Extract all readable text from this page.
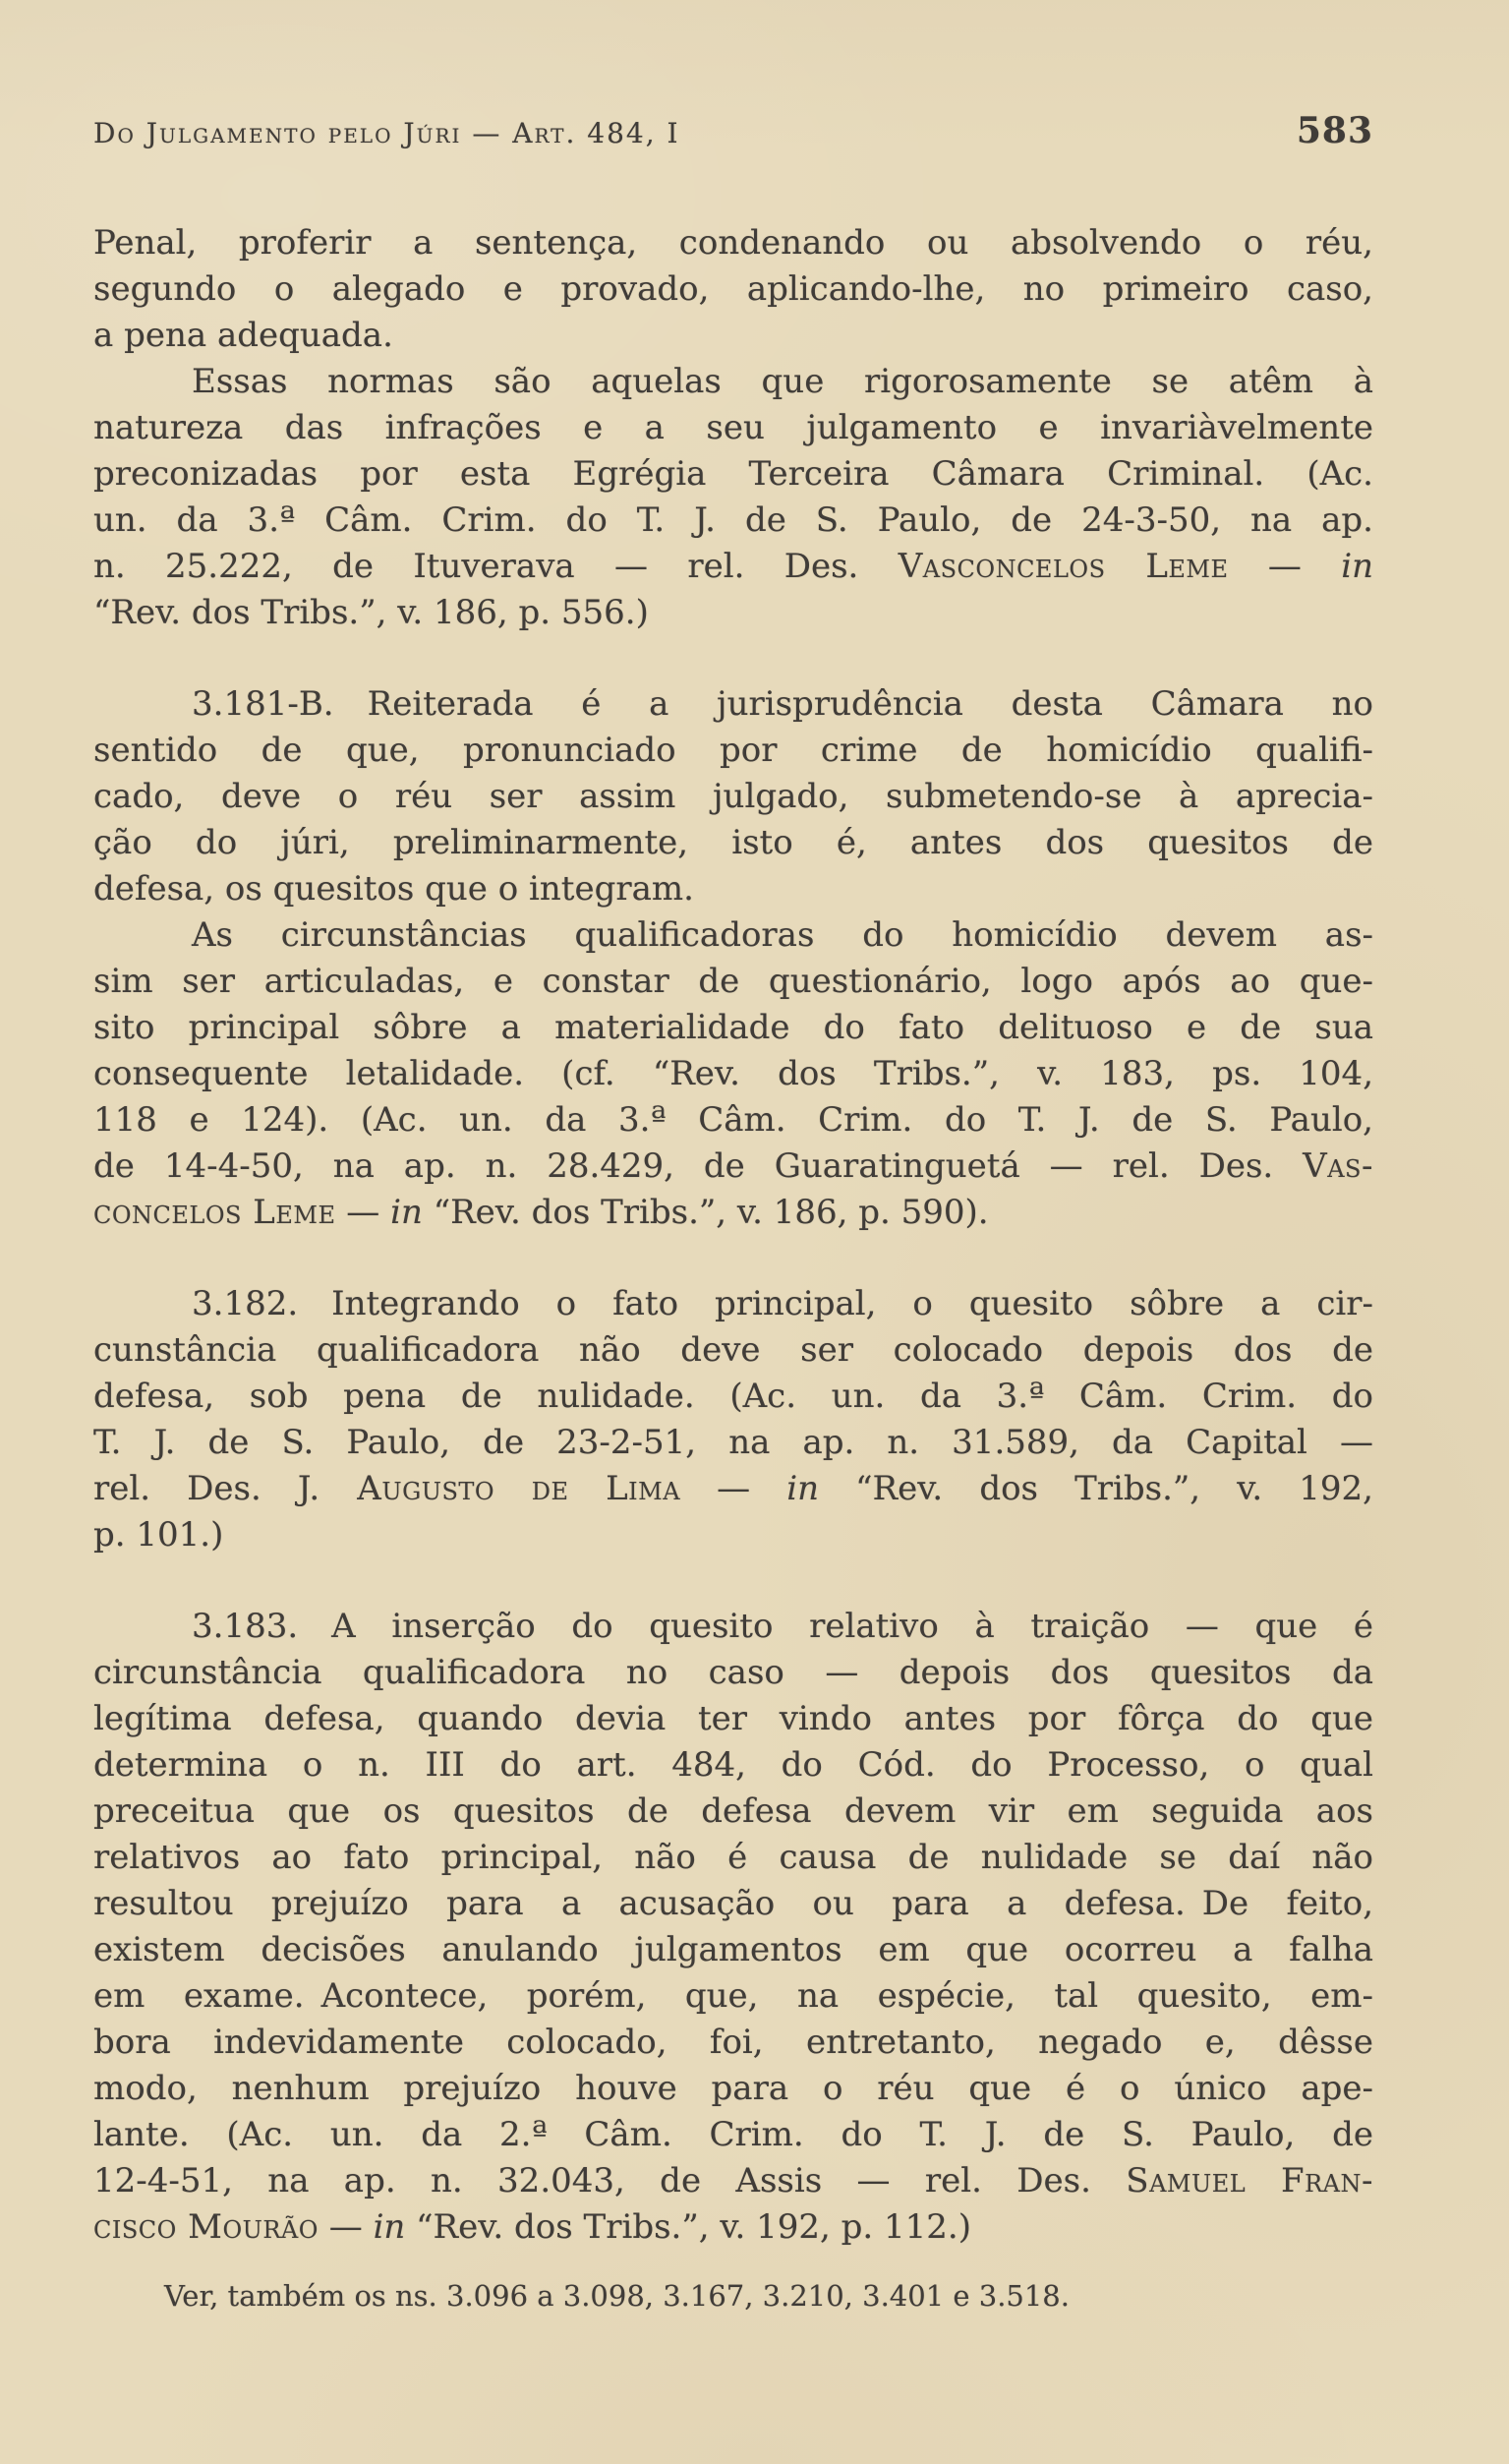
Do Julgamento pelo Júri — Art. 484, I	583
Penal, proferir a sentença, condenando ou absolvendo o réu,
segundo o alegado e provado, aplicando-lhe, no primeiro caso,
a pena adequada.
Essas normas são aquelas que rigorosamente se atêm à
natureza das infrações e a seu julgamento e invariàvelmente
preconizadas por esta Egrégia Terceira Câmara Criminal. (Ac.
un. da 3.ª Câm. Crim. do T. J. de S. Paulo, de 24-3-50, na ap.
n. 25.222, de Ituverava — rel. Des. Vasconcelos Leme — in
“Rev. dos Tribs.”, v. 186, p. 556.)
3.181-B. Reiterada é a jurisprudência desta Câmara no
sentido de que, pronunciado por crime de homicídio qualifi-
cado, deve o réu ser assim julgado, submetendo-se à aprecia-
ção do júri, preliminarmente, isto é, antes dos quesitos de
defesa, os quesitos que o integram.
As circunstâncias qualificadoras do homicídio devem as-
sim ser articuladas, e constar de questionário, logo após ao que-
sito principal sôbre a materialidade do fato delituoso e de sua
consequente letalidade. (cf. “Rev. dos Tribs.”, v. 183, ps. 104,
118 e 124). (Ac. un. da 3.ª Câm. Crim. do T. J. de S. Paulo,
de 14-4-50, na ap. n. 28.429, de Guaratinguetá — rel. Des. Vas-
concelos Leme — in “Rev. dos Tribs.”, v. 186, p. 590).
3.182. Integrando o fato principal, o quesito sôbre a cir-
cunstância qualificadora não deve ser colocado depois dos de
defesa, sob pena de nulidade. (Ac. un. da 3.ª Câm. Crim. do
T. J. de S. Paulo, de 23-2-51, na ap. n. 31.589, da Capital —
rel. Des. J. Augusto de Lima — in “Rev. dos Tribs.”, v. 192,
p. 101.)
3.183. A inserção do quesito relativo à traição — que é
circunstância qualificadora no caso — depois dos quesitos da
legítima defesa, quando devia ter vindo antes por fôrça do que
determina o n. III do art. 484, do Cód. do Processo, o qual
preceitua que os quesitos de defesa devem vir em seguida aos
relativos ao fato principal, não é causa de nulidade se daí não
resultou prejuízo para a acusação ou para a defesa. De feito,
existem decisões anulando julgamentos em que ocorreu a falha
em exame. Acontece, porém, que, na espécie, tal quesito, em-
bora indevidamente colocado, foi, entretanto, negado e, dêsse
modo, nenhum prejuízo houve para o réu que é o único ape-
lante. (Ac. un. da 2.ª Câm. Crim. do T. J. de S. Paulo, de
12-4-51, na ap. n. 32.043, de Assis — rel. Des. Samuel Fran-
cisco Mourão — in “Rev. dos Tribs.”, v. 192, p. 112.)
Ver, também os ns. 3.096 a 3.098, 3.167, 3.210, 3.401 e 3.518.
